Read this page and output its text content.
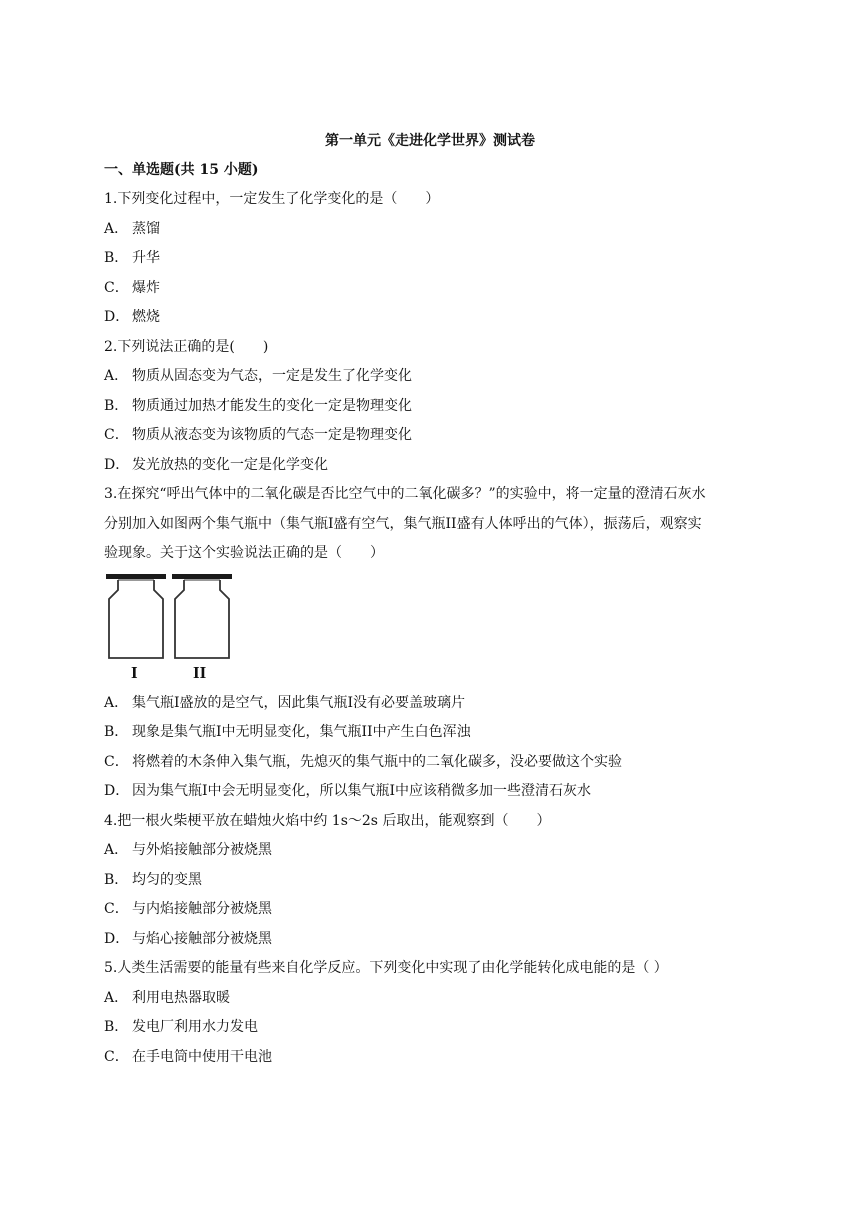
第一单元《走进化学世界》测试卷
一、单选题(共 15 小题)
1.下列变化过程中，一定发生了化学变化的是（　　）
A． 蒸馏
B． 升华
C． 爆炸
D． 燃烧
2.下列说法正确的是(　　)
A． 物质从固态变为气态，一定是发生了化学变化
B． 物质通过加热才能发生的变化一定是物理变化
C． 物质从液态变为该物质的气态一定是物理变化
D． 发光放热的变化一定是化学变化
3.在探究“呼出气体中的二氧化碳是否比空气中的二氧化碳多？”的实验中，将一定量的澄清石灰水
分别加入如图两个集气瓶中（集气瓶I盛有空气，集气瓶II盛有人体呼出的气体），振荡后，观察实
验现象。关于这个实验说法正确的是（　　）
I	II
A． 集气瓶I盛放的是空气，因此集气瓶I没有必要盖玻璃片
B． 现象是集气瓶I中无明显变化，集气瓶II中产生白色浑浊
C． 将燃着的木条伸入集气瓶，先熄灭的集气瓶中的二氧化碳多，没必要做这个实验
D． 因为集气瓶I中会无明显变化，所以集气瓶I中应该稍微多加一些澄清石灰水
4.把一根火柴梗平放在蜡烛火焰中约 1s～2s 后取出，能观察到（　　）
A． 与外焰接触部分被烧黑
B． 均匀的变黑
C． 与内焰接触部分被烧黑
D． 与焰心接触部分被烧黑
5.人类生活需要的能量有些来自化学反应。下列变化中实现了由化学能转化成电能的是（ ）
A． 利用电热器取暖
B． 发电厂利用水力发电
C． 在手电筒中使用干电池
